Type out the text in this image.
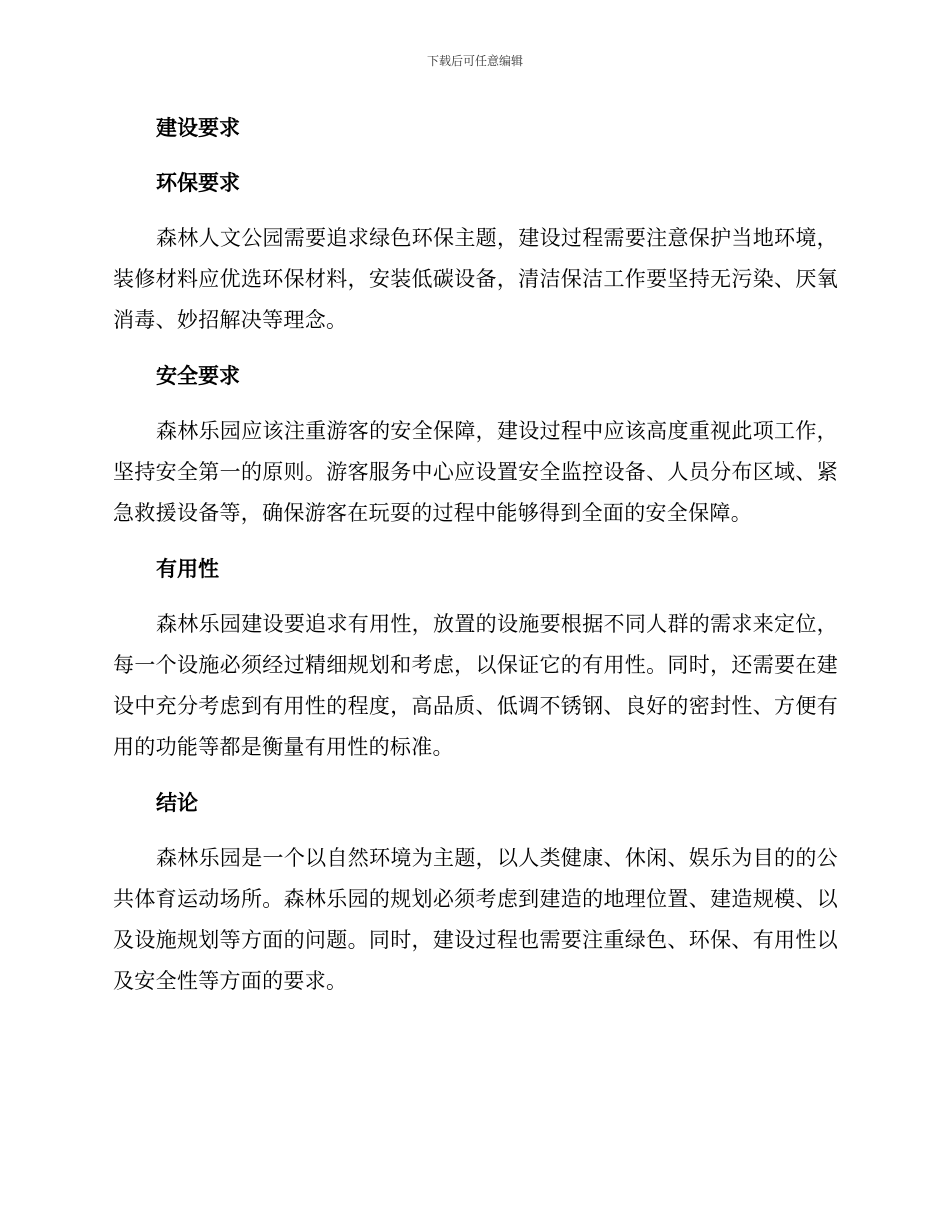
下载后可任意编辑
建设要求
环保要求

森林人文公园需要追求绿色环保主题，建设过程需要注意保护当地环境，装修材料应优选环保材料，安装低碳设备，清洁保洁工作要坚持无污染、厌氧消毒、妙招解决等理念。

安全要求

森林乐园应该注重游客的安全保障，建设过程中应该高度重视此项工作，坚持安全第一的原则。游客服务中心应设置安全监控设备、人员分布区域、紧急救援设备等，确保游客在玩耍的过程中能够得到全面的安全保障。

有用性

森林乐园建设要追求有用性，放置的设施要根据不同人群的需求来定位，每一个设施必须经过精细规划和考虑，以保证它的有用性。同时，还需要在建设中充分考虑到有用性的程度，高品质、低调不锈钢、良好的密封性、方便有用的功能等都是衡量有用性的标准。

结论

森林乐园是一个以自然环境为主题，以人类健康、休闲、娱乐为目的的公共体育运动场所。森林乐园的规划必须考虑到建造的地理位置、建造规模、以及设施规划等方面的问题。同时，建设过程也需要注重绿色、环保、有用性以及安全性等方面的要求。
